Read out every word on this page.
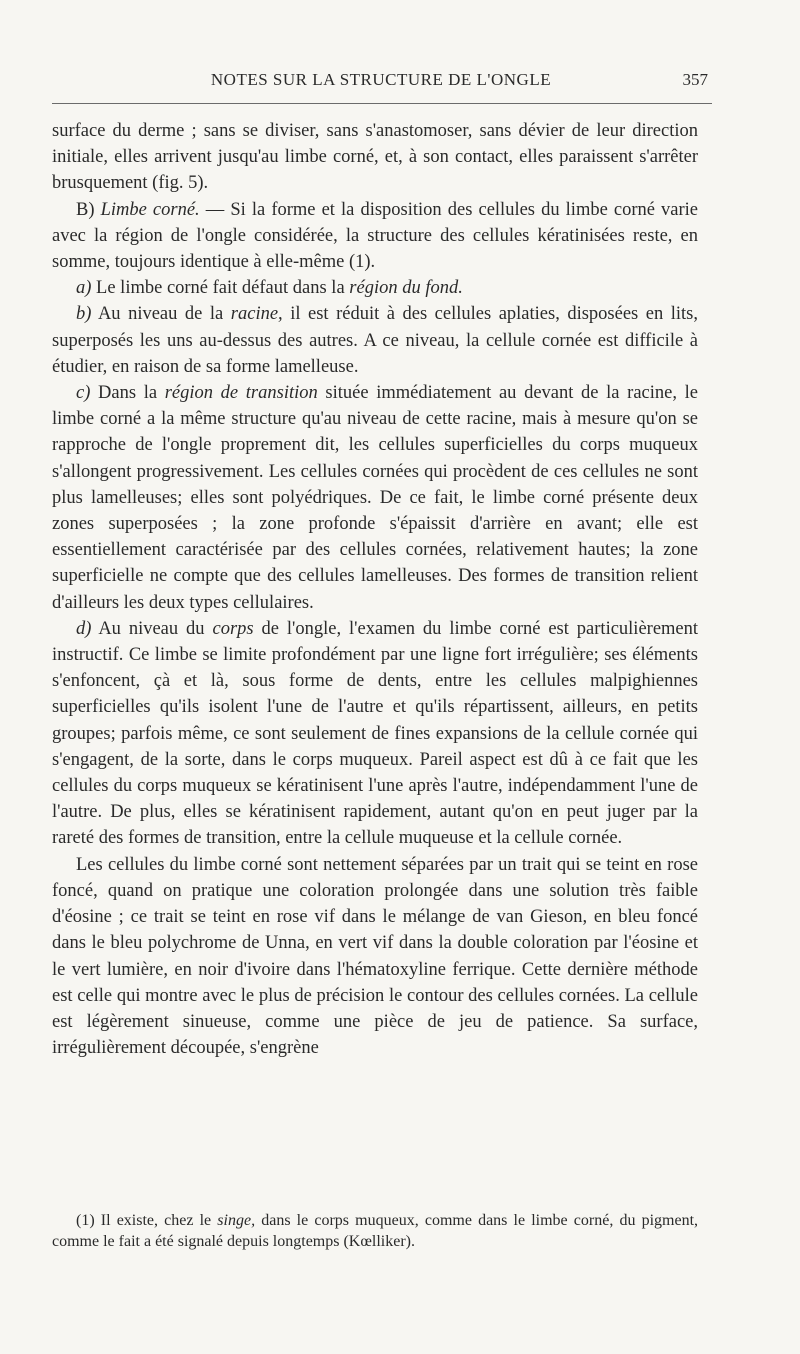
NOTES SUR LA STRUCTURE DE L'ONGLE	357

surface du derme ; sans se diviser, sans s'anastomoser, sans dévier de leur direction initiale, elles arrivent jusqu'au limbe corné, et, à son contact, elles paraissent s'arrêter brusquement (fig. 5).

B) Limbe corné. — Si la forme et la disposition des cellules du limbe corné varie avec la région de l'ongle considérée, la structure des cellules kératinisées reste, en somme, toujours identique à elle-même (1).

a) Le limbe corné fait défaut dans la région du fond.

b) Au niveau de la racine, il est réduit à des cellules aplaties, disposées en lits, superposés les uns au-dessus des autres. A ce niveau, la cellule cornée est difficile à étudier, en raison de sa forme lamelleuse.

c) Dans la région de transition située immédiatement au devant de la racine, le limbe corné a la même structure qu'au niveau de cette racine, mais à mesure qu'on se rapproche de l'ongle proprement dit, les cellules superficielles du corps muqueux s'allongent progressivement. Les cellules cornées qui procèdent de ces cellules ne sont plus lamelleuses; elles sont polyédriques. De ce fait, le limbe corné présente deux zones superposées ; la zone profonde s'épaissit d'arrière en avant; elle est essentiellement caractérisée par des cellules cornées, relativement hautes; la zone superficielle ne compte que des cellules lamelleuses. Des formes de transition relient d'ailleurs les deux types cellulaires.

d) Au niveau du corps de l'ongle, l'examen du limbe corné est particulièrement instructif. Ce limbe se limite profondément par une ligne fort irrégulière; ses éléments s'enfoncent, çà et là, sous forme de dents, entre les cellules malpighiennes superficielles qu'ils isolent l'une de l'autre et qu'ils répartissent, ailleurs, en petits groupes; parfois même, ce sont seulement de fines expansions de la cellule cornée qui s'engagent, de la sorte, dans le corps muqueux. Pareil aspect est dû à ce fait que les cellules du corps muqueux se kératinisent l'une après l'autre, indépendamment l'une de l'autre. De plus, elles se kératinisent rapidement, autant qu'on en peut juger par la rareté des formes de transition, entre la cellule muqueuse et la cellule cornée.

Les cellules du limbe corné sont nettement séparées par un trait qui se teint en rose foncé, quand on pratique une coloration prolongée dans une solution très faible d'éosine ; ce trait se teint en rose vif dans le mélange de van Gieson, en bleu foncé dans le bleu polychrome de Unna, en vert vif dans la double coloration par l'éosine et le vert lumière, en noir d'ivoire dans l'hématoxyline ferrique. Cette dernière méthode est celle qui montre avec le plus de précision le contour des cellules cornées. La cellule est légèrement sinueuse, comme une pièce de jeu de patience. Sa surface, irrégulièrement découpée, s'engrène

(1) Il existe, chez le singe, dans le corps muqueux, comme dans le limbe corné, du pigment, comme le fait a été signalé depuis longtemps (Kœlliker).
